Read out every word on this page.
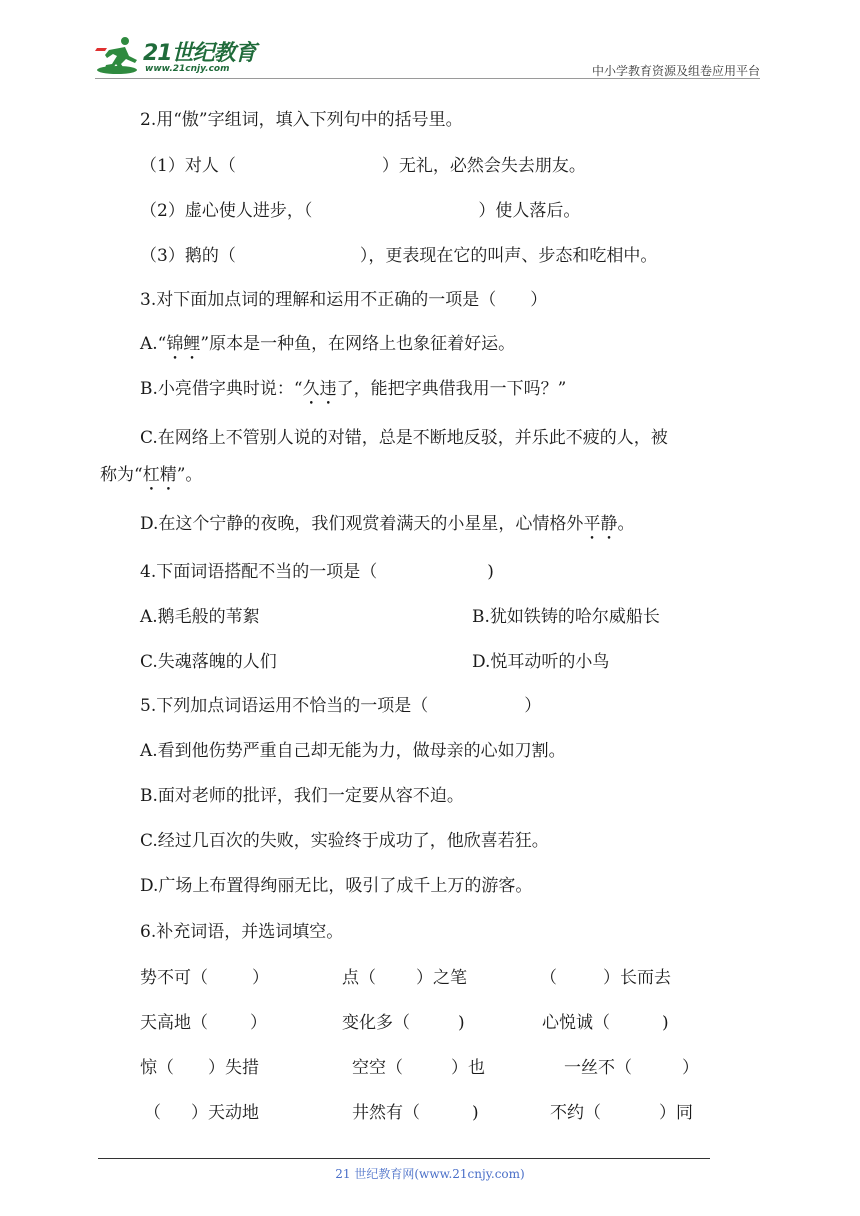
21世纪教育
www.21cnjy.com	中小学教育资源及组卷应用平台
2.用“傲”字组词，填入下列句中的括号里。
（1）对人（	）无礼，必然会失去朋友。
（2）虚心使人进步，（	）使人落后。
（3）鹅的（	），更表现在它的叫声、步态和吃相中。
3.对下面加点词的理解和运用不正确的一项是（　　）
A.“锦鲤”原本是一种鱼，在网络上也象征着好运。
B.小亮借字典时说：“久违了，能把字典借我用一下吗？”
C.在网络上不管别人说的对错，总是不断地反驳，并乐此不疲的人，被
称为“杠精”。
D.在这个宁静的夜晚，我们观赏着满天的小星星，心情格外平静。
4.下面词语搭配不当的一项是（	)
A.鹅毛般的苇絮	B.犹如铁铸的哈尔威船长
C.失魂落魄的人们	D.悦耳动听的小鸟
5.下列加点词语运用不恰当的一项是（	）
A.看到他伤势严重自己却无能为力，做母亲的心如刀割。
B.面对老师的批评，我们一定要从容不迫。
C.经过几百次的失败，实验终于成功了，他欣喜若狂。
D.广场上布置得绚丽无比，吸引了成千上万的游客。
6.补充词语，并选词填空。
势不可（	）	点（ ）之笔	（	）长而去
天高地（ ）	变化多（	)	心悦诚（	)
惊（ ）失措	空空（	）也	一丝不（	）
（ ）天动地	井然有（	)	不约（	）同
21 世纪教育网(www.21cnjy.com)
